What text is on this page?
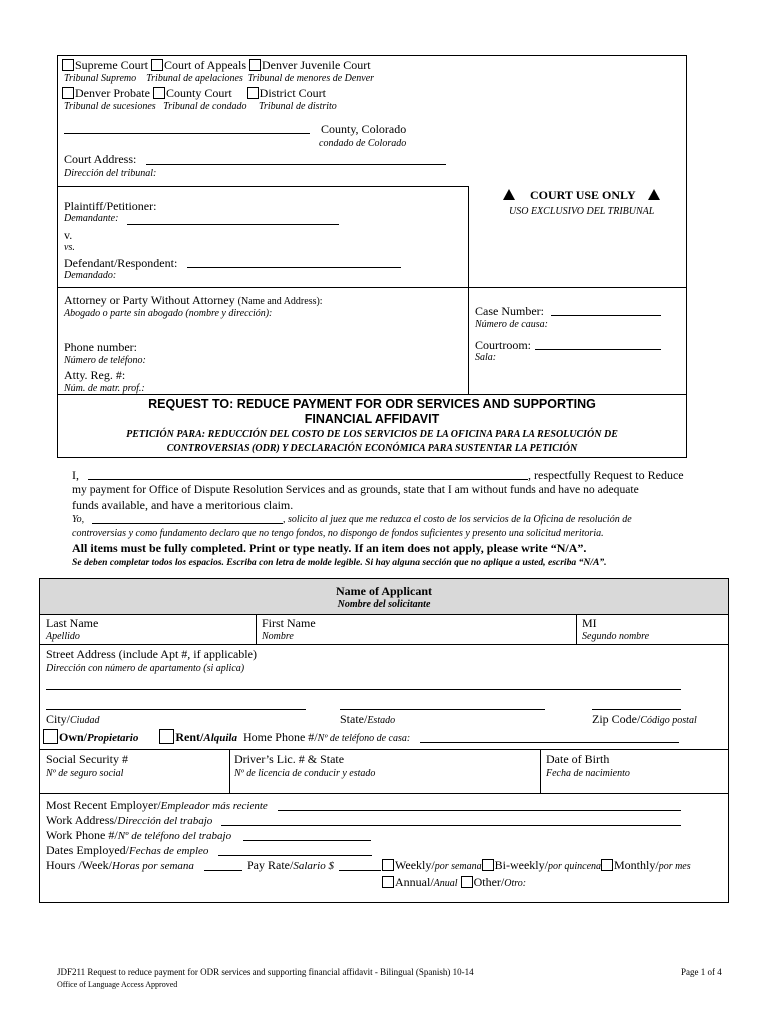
Supreme Court Court of Appeals Denver Juvenile Court
Tribunal Supremo    Tribunal de apelaciones  Tribunal de menores de Denver
Denver Probate County Court District Court
Tribunal de sucesiones   Tribunal de condado     Tribunal de distrito
County, Colorado
condado de Colorado
Court Address:
Dirección del tribunal:
COURT USE ONLY
USO EXCLUSIVO DEL TRIBUNAL
Plaintiff/Petitioner:
Demandante:
v.
vs.
Defendant/Respondent:
Demandado:
Attorney or Party Without Attorney (Name and Address):
Abogado o parte sin abogado (nombre y dirección):
Phone number:
Número de teléfono:
Atty. Reg. #:
Núm. de matr. prof.:
Case Number:
Número de causa:
Courtroom:
Sala:
REQUEST TO: REDUCE PAYMENT FOR ODR SERVICES AND SUPPORTING
FINANCIAL AFFIDAVIT
PETICIÓN PARA: REDUCCIÓN DEL COSTO DE LOS SERVICIOS DE LA OFICINA PARA LA RESOLUCIÓN DE
CONTROVERSIAS (ODR) Y DECLARACIÓN ECONÓMICA PARA SUSTENTAR LA PETICIÓN
I,	, respectfully Request to Reduce
my payment for Office of Dispute Resolution Services and as grounds, state that I am without funds and have no adequate
funds available, and have a meritorious claim.
Yo,	, solicito al juez que me reduzca el costo de los servicios de la Oficina de resolución de
controversias y como fundamento declaro que no tengo fondos, no dispongo de fondos suficientes y presento una solicitud meritoria.
All items must be fully completed. Print or type neatly. If an item does not apply, please write “N/A”.
Se deben completar todos los espacios. Escriba con letra de molde legible. Si hay alguna sección que no aplique a usted, escriba “N/A”.
Name of Applicant
Nombre del solicitante
Last Name
Apellido
First Name
Nombre
MI
Segundo nombre
Street Address (include Apt #, if applicable)
Dirección con número de apartamento (si aplica)
City/Ciudad	State/Estado	Zip Code/Código postal
Own/Propietario	Rent/Alquila Home Phone #/Nº de teléfono de casa:
Social Security #
Nº de seguro social
Driver’s Lic. # & State
Nº de licencia de conducir y estado
Date of Birth
Fecha de nacimiento
Most Recent Employer/Empleador más reciente
Work Address/Dirección del trabajo
Work Phone #/Nº de teléfono del trabajo
Dates Employed/Fechas de empleo
Hours /Week/Horas por semana	Pay Rate/Salario $	Weekly/por semana Bi-weekly/por quincena Monthly/por mes
Annual/Anual Other/Otro:
JDF211 Request to reduce payment for ODR services and supporting financial affidavit - Bilingual (Spanish) 10-14
Office of Language Access Approved
Page 1 of 4
